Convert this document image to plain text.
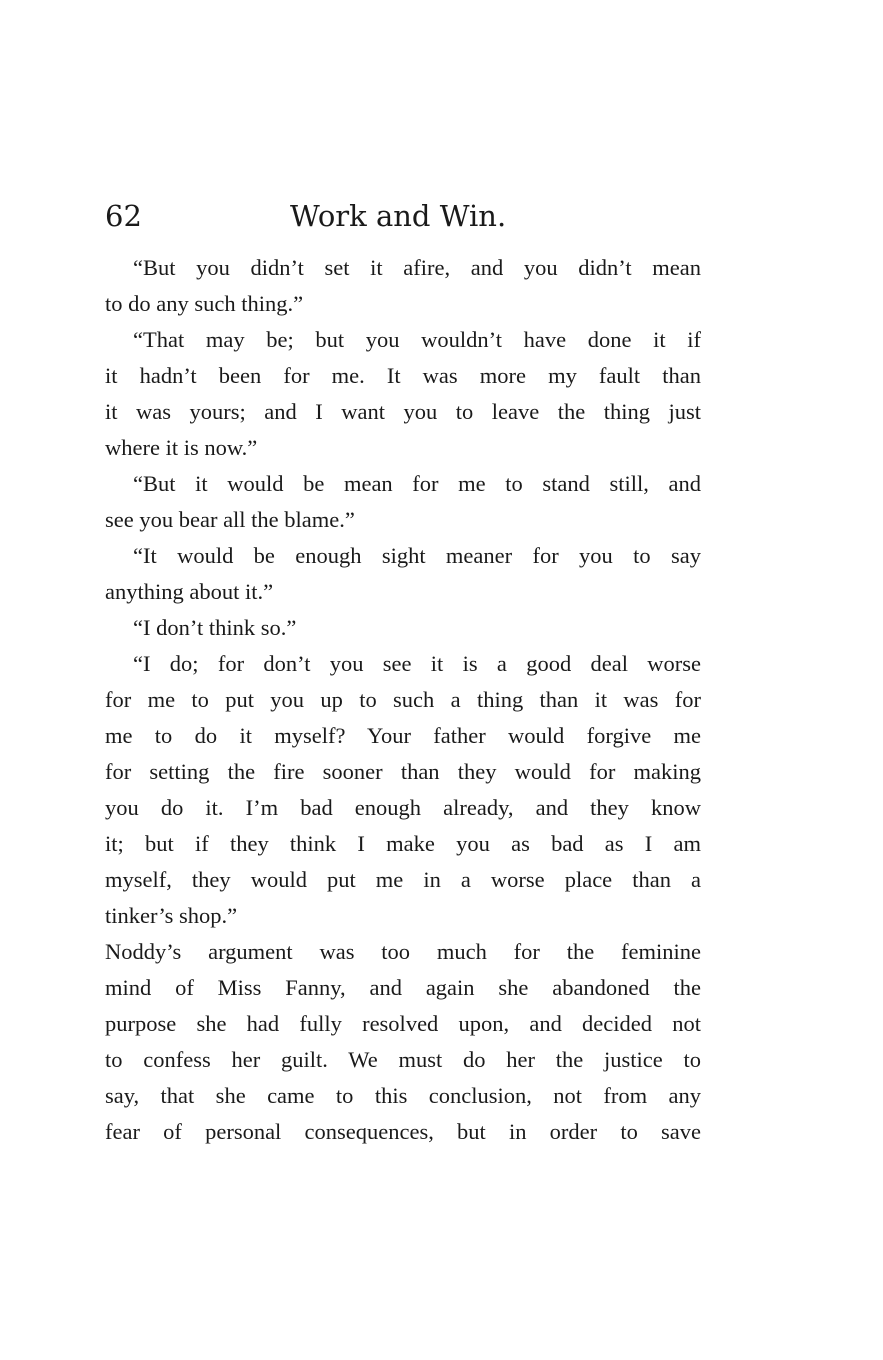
62	Work and Win.
“But you didn’t set it afire, and you didn’t mean
to do any such thing.”
“That may be; but you wouldn’t have done it if
it hadn’t been for me. It was more my fault than
it was yours; and I want you to leave the thing just
where it is now.”
“But it would be mean for me to stand still, and
see you bear all the blame.”
“It would be enough sight meaner for you to say
anything about it.”
“I don’t think so.”
“I do; for don’t you see it is a good deal worse
for me to put you up to such a thing than it was for
me to do it myself? Your father would forgive me
for setting the fire sooner than they would for making
you do it. I’m bad enough already, and they know
it; but if they think I make you as bad as I am
myself, they would put me in a worse place than a
tinker’s shop.”
Noddy’s argument was too much for the feminine
mind of Miss Fanny, and again she abandoned the
purpose she had fully resolved upon, and decided not
to confess her guilt. We must do her the justice to
say, that she came to this conclusion, not from any
fear of personal consequences, but in order to save
